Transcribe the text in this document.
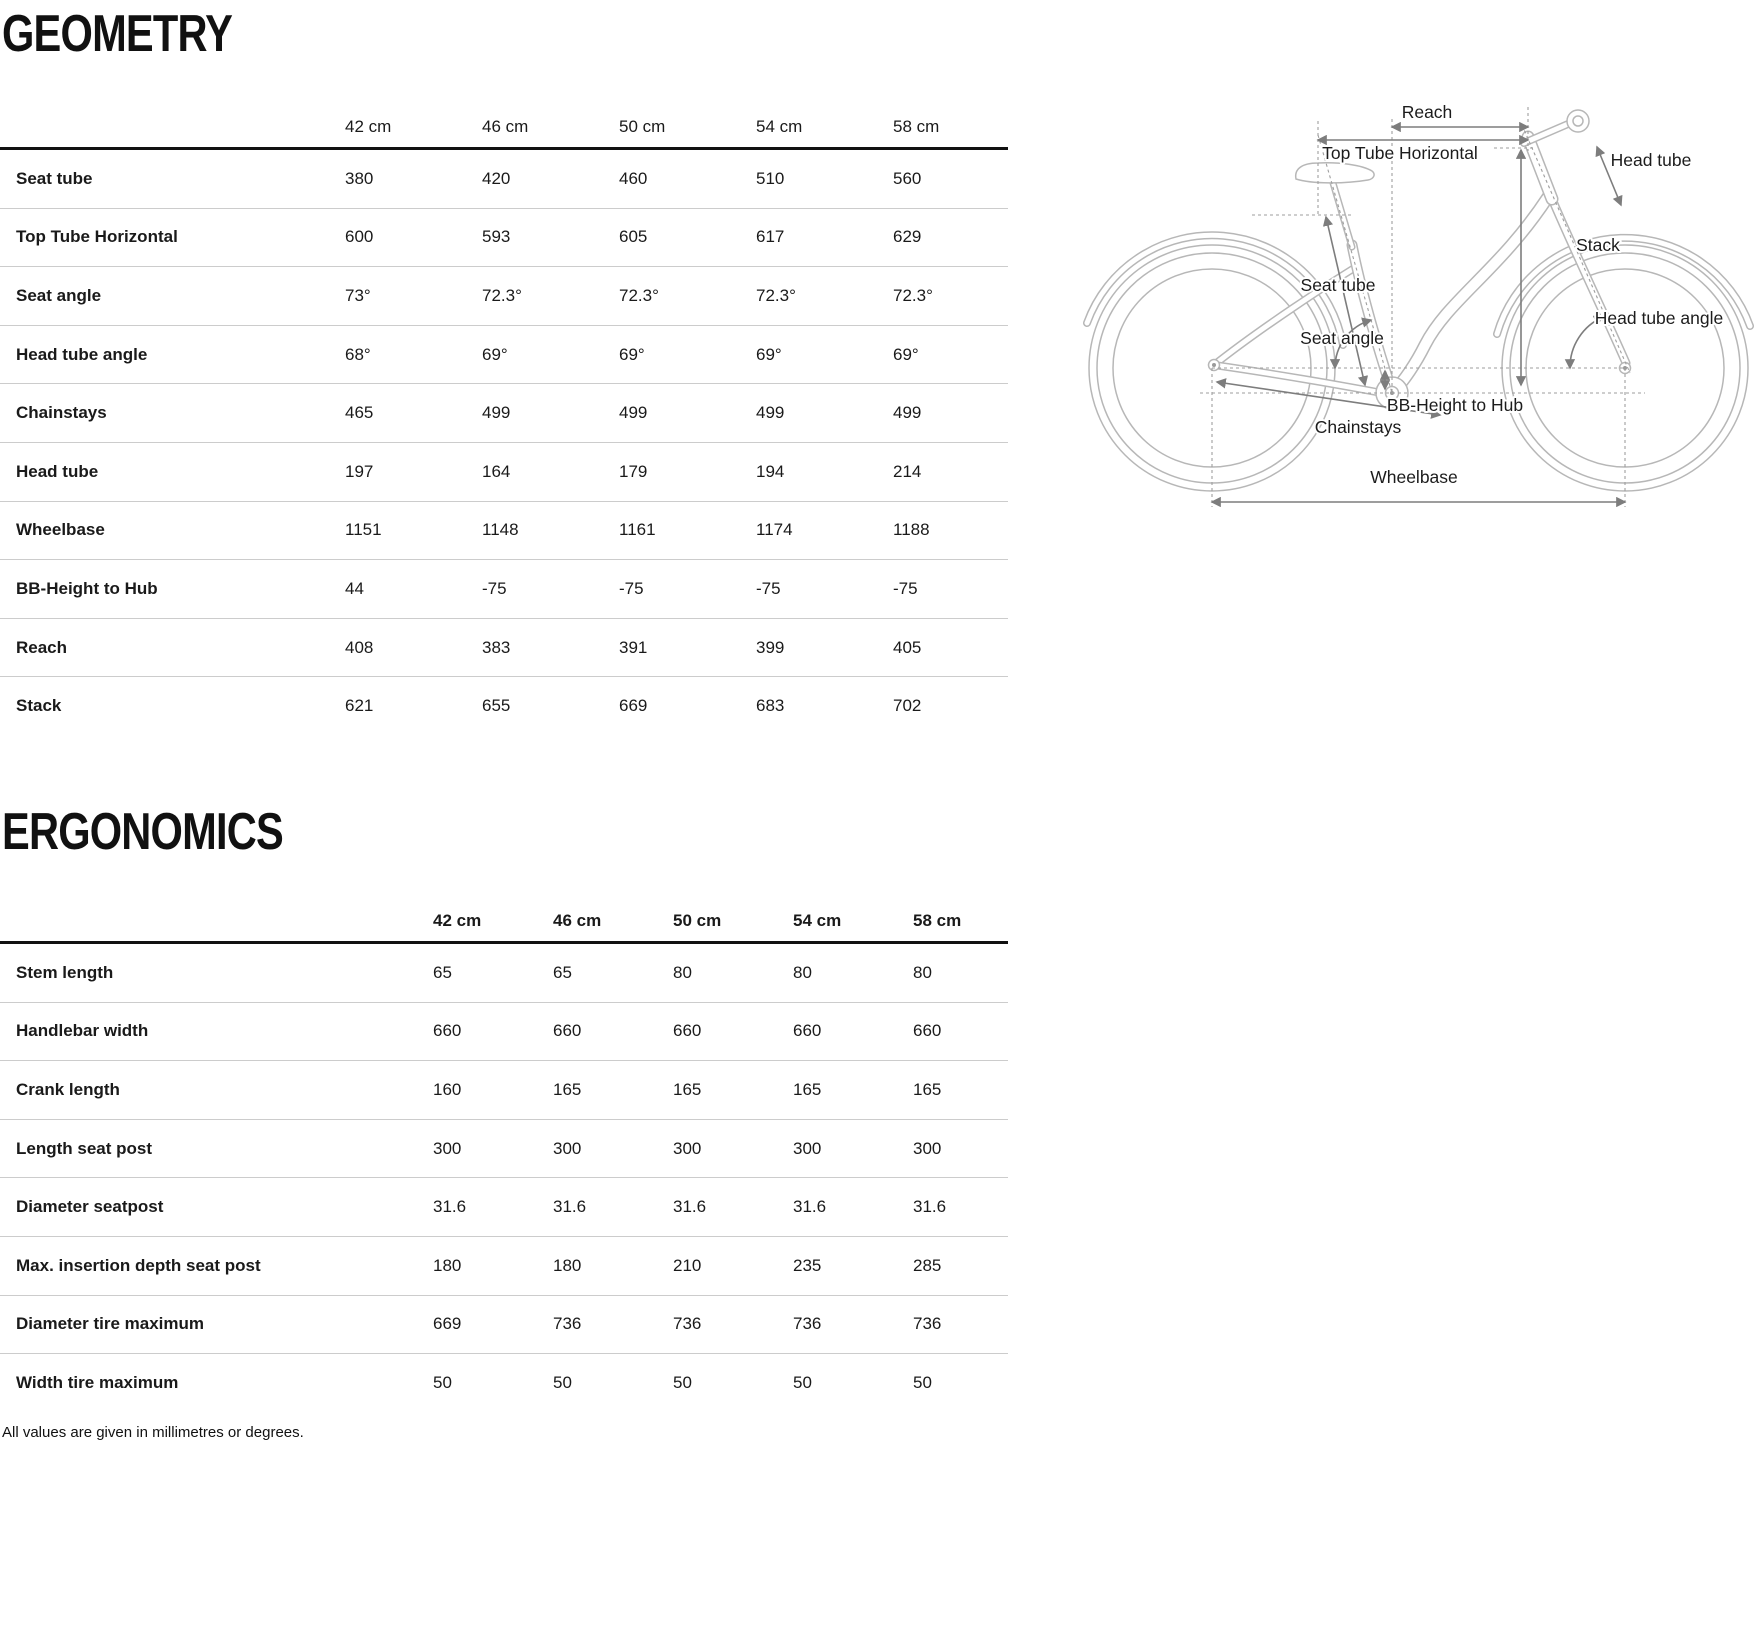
GEOMETRY
42 cm	46 cm	50 cm	54 cm	58 cm
Seat tube	380	420	460	510	560
Top Tube Horizontal	600	593	605	617	629
Seat angle	73°	72.3°	72.3°	72.3°	72.3°
Head tube angle	68°	69°	69°	69°	69°
Chainstays	465	499	499	499	499
Head tube	197	164	179	194	214
Wheelbase	1151	1148	1161	1174	1188
BB-Height to Hub	44	-75	-75	-75	-75
Reach	408	383	391	399	405
Stack	621	655	669	683	702
ERGONOMICS
42 cm	46 cm	50 cm	54 cm	58 cm
Stem length	65	65	80	80	80
Handlebar width	660	660	660	660	660
Crank length	160	165	165	165	165
Length seat post	300	300	300	300	300
Diameter seatpost	31.6	31.6	31.6	31.6	31.6
Max. insertion depth seat post	180	180	210	235	285
Diameter tire maximum	669	736	736	736	736
Width tire maximum	50	50	50	50	50
All values are given in millimetres or degrees.
Reach
Top Tube Horizontal	Head tube
Stack
Seat tube
Seat angle
Head tube angle
BB-Height to Hub
Chainstays
Wheelbase
